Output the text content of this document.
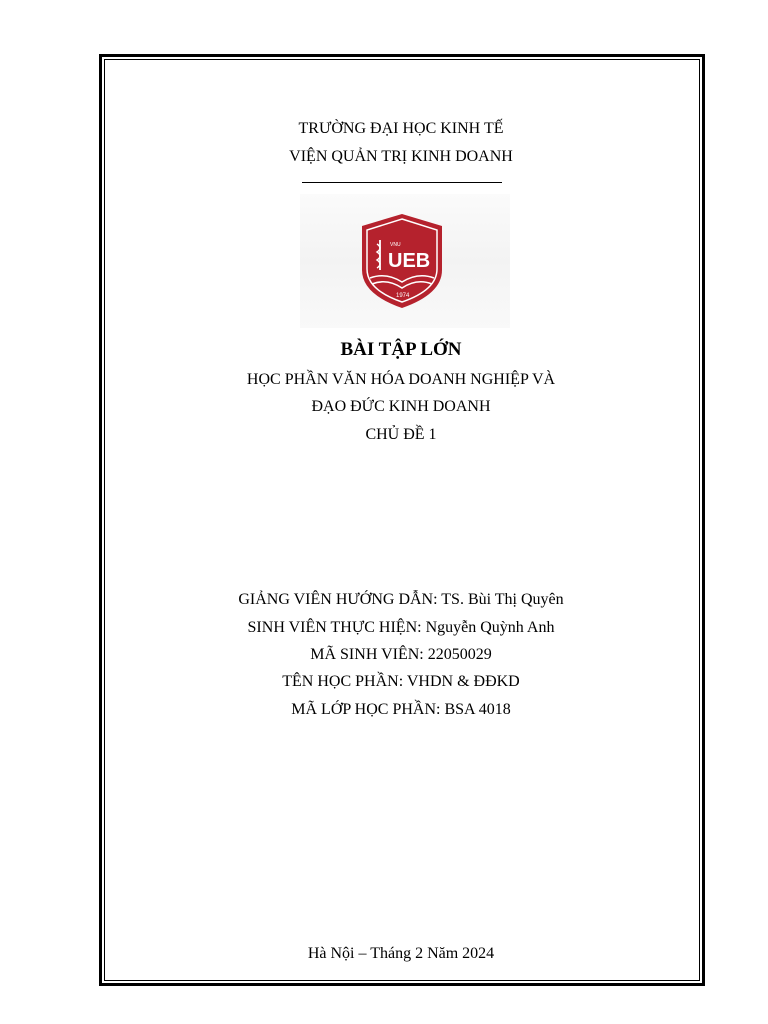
TRƯỜNG ĐẠI HỌC KINH TẾ
VIỆN QUẢN TRỊ KINH DOANH
VNU
UEB
1974
BÀI TẬP LỚN
HỌC PHẦN VĂN HÓA DOANH NGHIỆP VÀ
ĐẠO ĐỨC KINH DOANH
CHỦ ĐỀ 1
GIẢNG VIÊN HƯỚNG DẪN: TS. Bùi Thị Quyên
SINH VIÊN THỰC HIỆN: Nguyễn Quỳnh Anh
MÃ SINH VIÊN: 22050029
TÊN HỌC PHẦN: VHDN & ĐĐKD
MÃ LỚP HỌC PHẦN: BSA 4018
Hà Nội – Tháng 2 Năm 2024
